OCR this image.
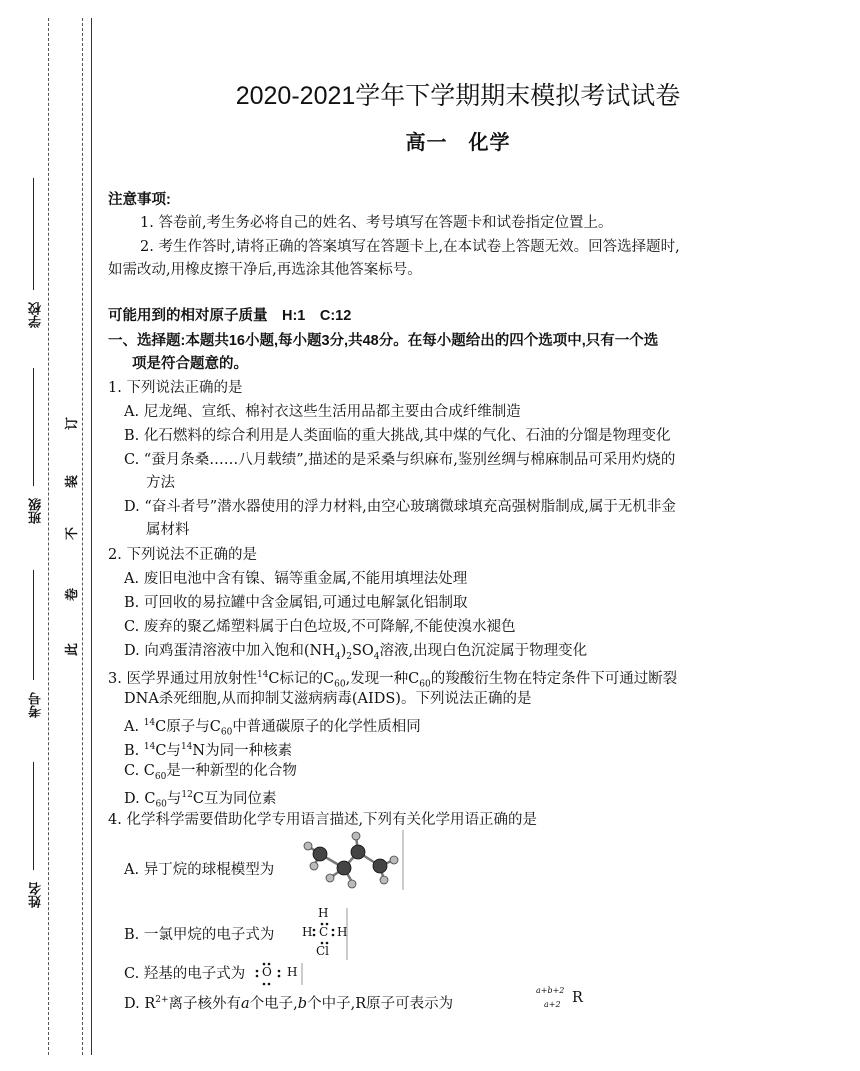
学校
班级
考号
姓名
订
装
不
卷
此
2020-2021学年下学期期末模拟考试试卷
高一　化学
注意事项:
1. 答卷前,考生务必将自己的姓名、考号填写在答题卡和试卷指定位置上。
2. 考生作答时,请将正确的答案填写在答题卡上,在本试卷上答题无效。回答选择题时,
如需改动,用橡皮擦干净后,再选涂其他答案标号。
可能用到的相对原子质量　H:1　C:12
一、选择题:本题共16小题,每小题3分,共48分。在每小题给出的四个选项中,只有一个选
项是符合题意的。
1. 下列说法正确的是
A. 尼龙绳、宣纸、棉衬衣这些生活用品都主要由合成纤维制造
B. 化石燃料的综合利用是人类面临的重大挑战,其中煤的气化、石油的分馏是物理变化
C. “蚕月条桑……八月载绩”,描述的是采桑与织麻布,鉴别丝绸与棉麻制品可采用灼烧的
方法
D. “奋斗者号”潜水器使用的浮力材料,由空心玻璃微球填充高强树脂制成,属于无机非金
属材料
2. 下列说法不正确的是
A. 废旧电池中含有镍、镉等重金属,不能用填埋法处理
B. 可回收的易拉罐中含金属铝,可通过电解氯化铝制取
C. 废弃的聚乙烯塑料属于白色垃圾,不可降解,不能使溴水褪色
D. 向鸡蛋清溶液中加入饱和$(NH_4)_2SO_4$溶液,出现白色沉淀属于物理变化
3. 医学界通过用放射性$^{14}$C标记的$C_{60}$,发现一种$C_{60}$的羧酸衍生物在特定条件下可通过断裂
DNA杀死细胞,从而抑制艾滋病病毒(AIDS)。下列说法正确的是
A. $^{14}$C原子与$C_{60}$中普通碳原子的化学性质相同
B. $^{14}$C与$^{14}$N为同一种核素
C. $C_{60}$是一种新型的化合物
D. $C_{60}$与$^{12}$C互为同位素
4. 化学科学需要借助化学专用语言描述,下列有关化学用语正确的是
A. 异丁烷的球棍模型为
B. 一氯甲烷的电子式为
H
H C H
Cl
C. 羟基的电子式为 O H
D. $R^{2+}$离子核外有a个电子,b个中子,R原子可表示为
a+b+2
a+2 R
